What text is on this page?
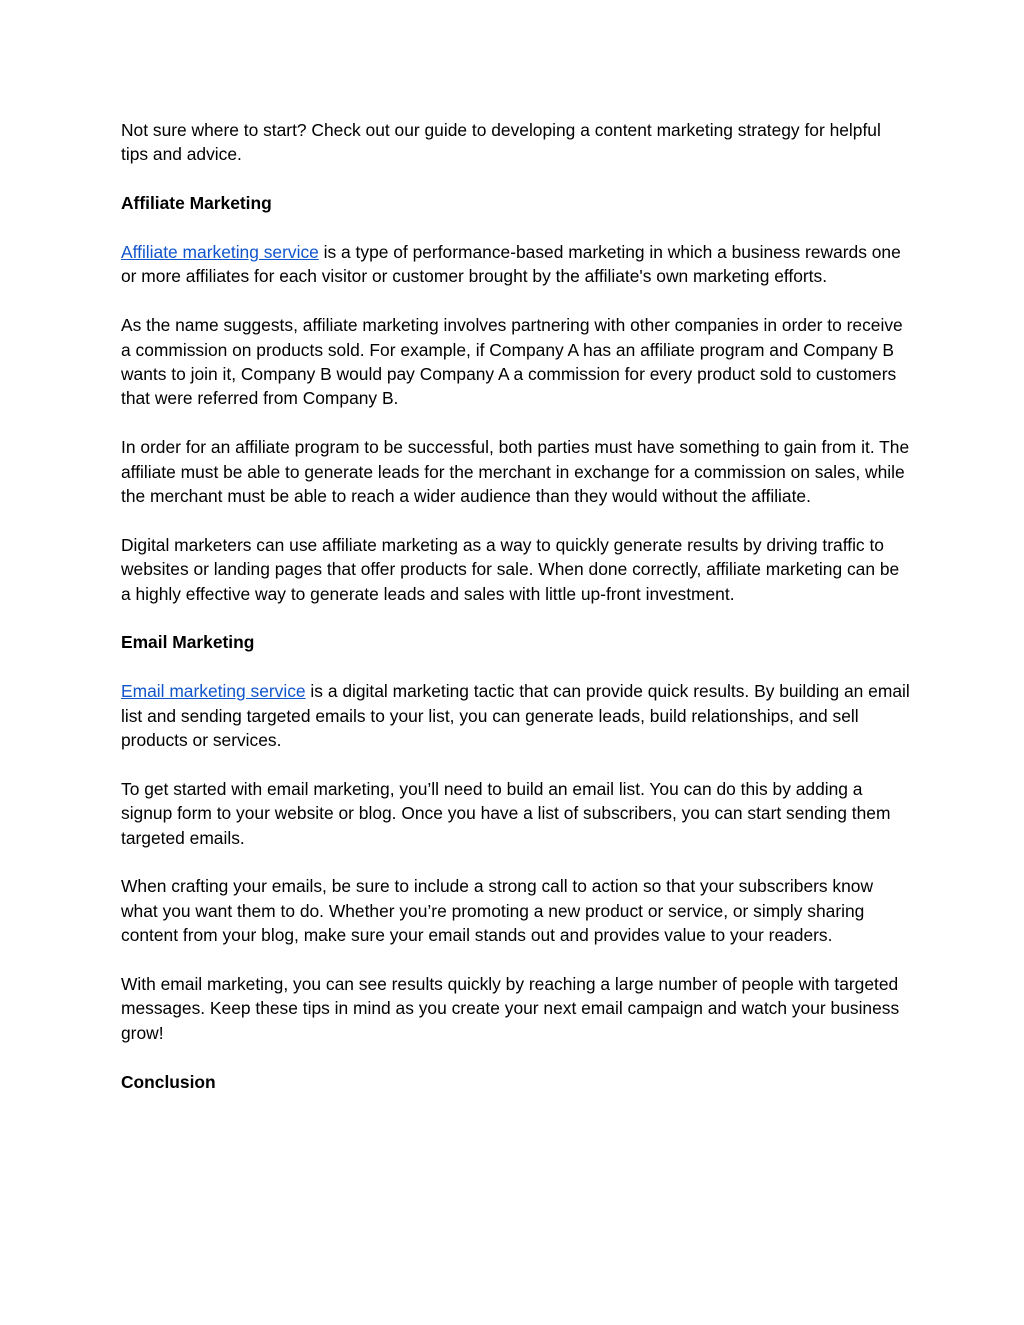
Not sure where to start? Check out our guide to developing a content marketing strategy for helpful tips and advice.

Affiliate Marketing

Affiliate marketing service is a type of performance-based marketing in which a business rewards one or more affiliates for each visitor or customer brought by the affiliate's own marketing efforts.

As the name suggests, affiliate marketing involves partnering with other companies in order to receive a commission on products sold. For example, if Company A has an affiliate program and Company B wants to join it, Company B would pay Company A a commission for every product sold to customers that were referred from Company B.

In order for an affiliate program to be successful, both parties must have something to gain from it. The affiliate must be able to generate leads for the merchant in exchange for a commission on sales, while the merchant must be able to reach a wider audience than they would without the affiliate.

Digital marketers can use affiliate marketing as a way to quickly generate results by driving traffic to websites or landing pages that offer products for sale. When done correctly, affiliate marketing can be a highly effective way to generate leads and sales with little up-front investment.

Email Marketing

Email marketing service is a digital marketing tactic that can provide quick results. By building an email list and sending targeted emails to your list, you can generate leads, build relationships, and sell products or services.

To get started with email marketing, you’ll need to build an email list. You can do this by adding a signup form to your website or blog. Once you have a list of subscribers, you can start sending them targeted emails.

When crafting your emails, be sure to include a strong call to action so that your subscribers know what you want them to do. Whether you’re promoting a new product or service, or simply sharing content from your blog, make sure your email stands out and provides value to your readers.

With email marketing, you can see results quickly by reaching a large number of people with targeted messages. Keep these tips in mind as you create your next email campaign and watch your business grow!

Conclusion
